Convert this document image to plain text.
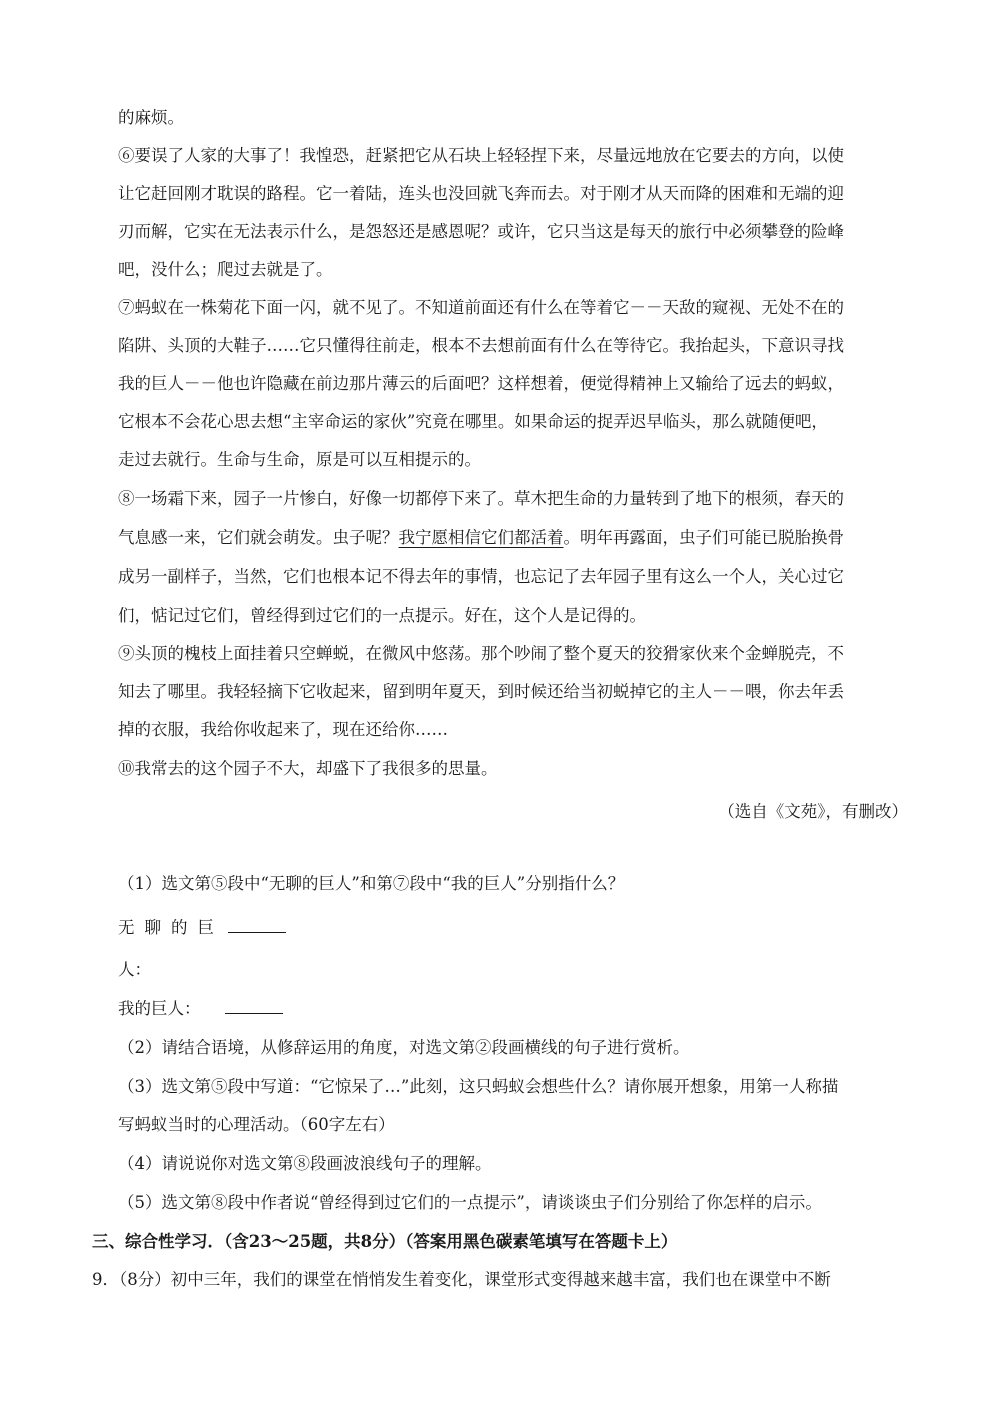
的麻烦。
⑥要误了人家的大事了！我惶恐，赶紧把它从石块上轻轻捏下来，尽量远地放在它要去的方向，以使
让它赶回刚才耽误的路程。它一着陆，连头也没回就飞奔而去。对于刚才从天而降的困难和无端的迎
刃而解，它实在无法表示什么，是怨怒还是感恩呢？或许，它只当这是每天的旅行中必须攀登的险峰
吧，没什么；爬过去就是了。
⑦蚂蚁在一株菊花下面一闪，就不见了。不知道前面还有什么在等着它－－天敌的窥视、无处不在的
陷阱、头顶的大鞋子……它只懂得往前走，根本不去想前面有什么在等待它。我抬起头，下意识寻找
我的巨人－－他也许隐藏在前边那片薄云的后面吧？这样想着，便觉得精神上又输给了远去的蚂蚁，
它根本不会花心思去想“主宰命运的家伙”究竟在哪里。如果命运的捉弄迟早临头，那么就随便吧，
走过去就行。生命与生命，原是可以互相提示的。
⑧一场霜下来，园子一片惨白，好像一切都停下来了。草木把生命的力量转到了地下的根须，春天的
气息感一来，它们就会萌发。虫子呢？我宁愿相信它们都活着。明年再露面，虫子们可能已脱胎换骨
成另一副样子，当然，它们也根本记不得去年的事情，也忘记了去年园子里有这么一个人，关心过它
们，惦记过它们，曾经得到过它们的一点提示。好在，这个人是记得的。
⑨头顶的槐枝上面挂着只空蝉蜕，在微风中悠荡。那个吵闹了整个夏天的狡猾家伙来个金蝉脱壳，不
知去了哪里。我轻轻摘下它收起来，留到明年夏天，到时候还给当初蜕掉它的主人－－喂，你去年丢
掉的衣服，我给你收起来了，现在还给你……
⑩我常去的这个园子不大，却盛下了我很多的思量。
（选自《文苑》，有删改）
（1）选文第⑤段中“无聊的巨人”和第⑦段中“我的巨人”分别指什么？
无聊的巨
人：
我的巨人：
（2）请结合语境，从修辞运用的角度，对选文第②段画横线的句子进行赏析。
（3）选文第⑤段中写道：“它惊呆了…”此刻，这只蚂蚁会想些什么？请你展开想象，用第一人称描
写蚂蚁当时的心理活动。（60字左右）
（4）请说说你对选文第⑧段画波浪线句子的理解。
（5）选文第⑧段中作者说“曾经得到过它们的一点提示”，请谈谈虫子们分别给了你怎样的启示。
三、综合性学习．（含23～25题，共8分）（答案用黑色碳素笔填写在答题卡上）
9．（8分）初中三年，我们的课堂在悄悄发生着变化，课堂形式变得越来越丰富，我们也在课堂中不断
